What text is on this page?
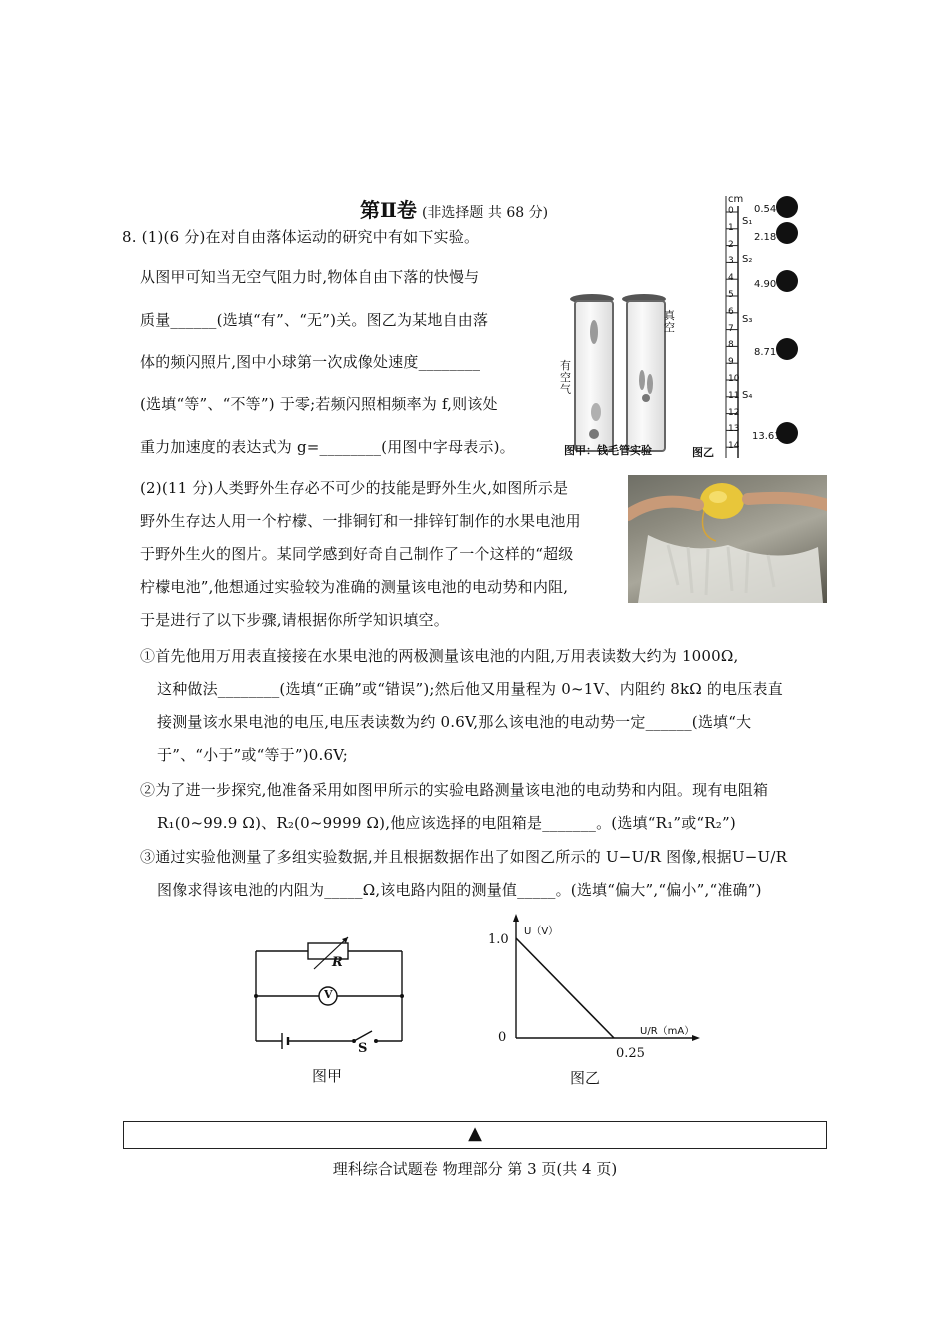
第Ⅱ卷 (非选择题 共 68 分)
8. (1)(6 分)在对自由落体运动的研究中有如下实验。
从图甲可知当无空气阻力时,物体自由下落的快慢与
质量______(选填“有”、“无”)关。图乙为某地自由落
体的频闪照片,图中小球第一次成像处速度________
(选填“等”、“不等”) 于零;若频闪照相频率为 f,则该处
重力加速度的表达式为 g=________(用图中字母表示)。
有空气
真空
图甲：钱毛管实验
cm
0
1
2
3
4
5
6
7
8
9
10
11
12
13
14
0.54
2.18
4.90
8.71
13.61
S₁
S₂
S₃
S₄
图乙
(2)(11 分)人类野外生存必不可少的技能是野外生火,如图所示是
野外生存达人用一个柠檬、一排铜钉和一排锌钉制作的水果电池用
于野外生火的图片。某同学感到好奇自己制作了一个这样的“超级
柠檬电池”,他想通过实验较为准确的测量该电池的电动势和内阻,
于是进行了以下步骤,请根据你所学知识填空。
①首先他用万用表直接接在水果电池的两极测量该电池的内阻,万用表读数大约为 1000Ω,
这种做法________(选填“正确”或“错误”);然后他又用量程为 0~1V、内阻约 8kΩ 的电压表直
接测量该水果电池的电压,电压表读数为约 0.6V,那么该电池的电动势一定______(选填“大
于”、“小于”或“等于”)0.6V;
②为了进一步探究,他准备采用如图甲所示的实验电路测量该电池的电动势和内阻。现有电阻箱
R₁(0~99.9 Ω)、R₂(0~9999 Ω),他应该选择的电阻箱是_______。(选填“R₁”或“R₂”)
③通过实验他测量了多组实验数据,并且根据数据作出了如图乙所示的 U−U/R 图像,根据U−U/R
图像求得该电池的内阻为_____Ω,该电路内阻的测量值_____。(选填“偏大”,“偏小”,“准确”)
R
V
S
图甲
U（V）
1.0
0	U/R（mA）
0.25
图乙
▲
理科综合试题卷 物理部分 第 3 页(共 4 页)
